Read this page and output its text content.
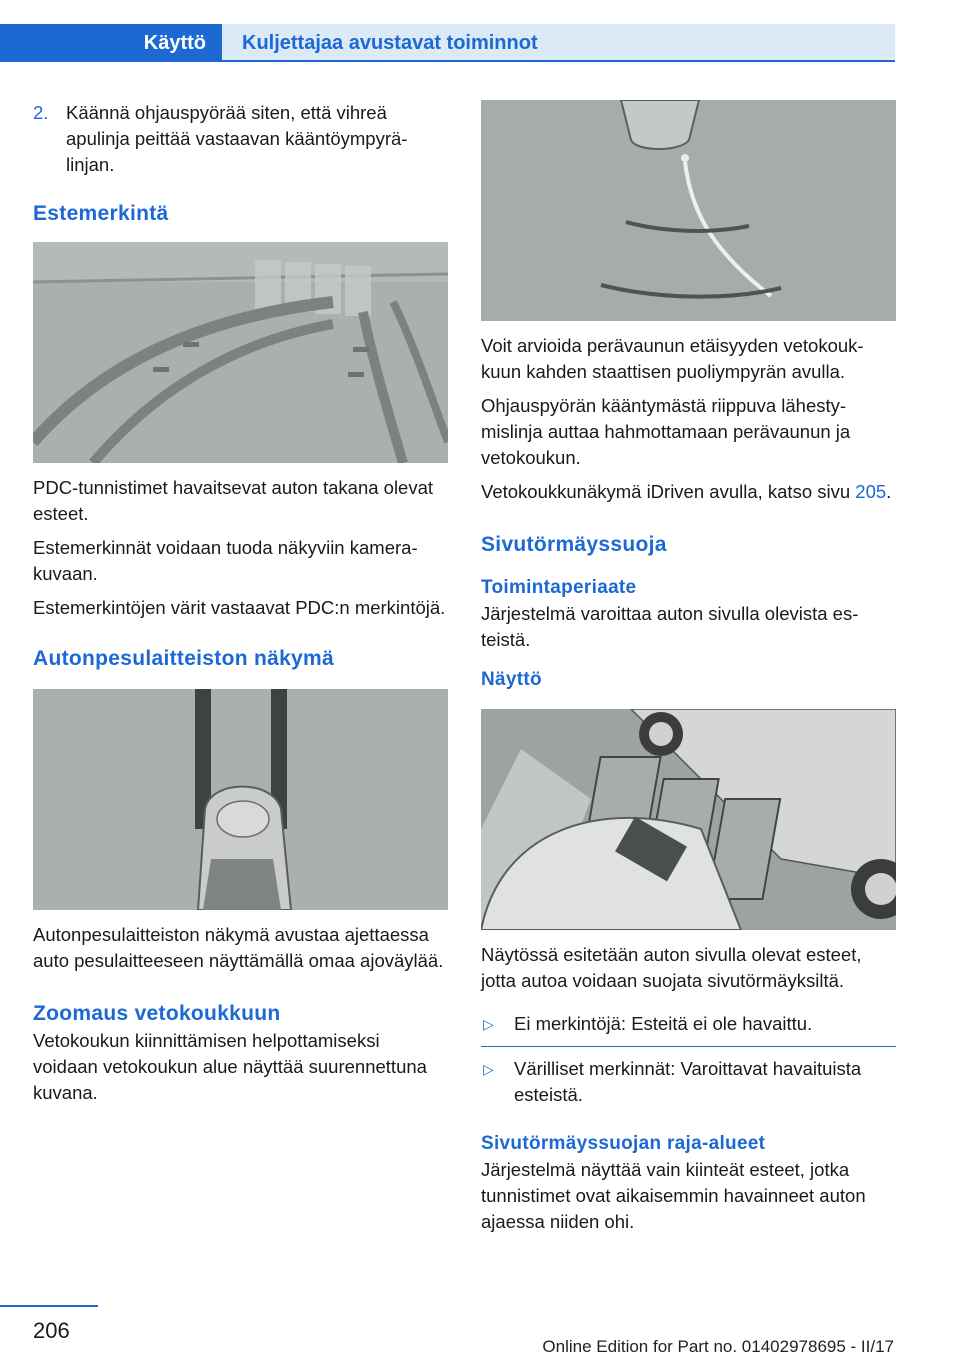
Käyttö	Kuljettajaa avustavat toiminnot

2. Käännä ohjauspyörää siten, että vihreä apulinja peittää vastaavan kääntöympyrälinjan.

Estemerkintä

PDC-tunnistimet havaitsevat auton takana olevat esteet.

Estemerkinnät voidaan tuoda näkyviin kamerakuvaan.

Estemerkintöjen värit vastaavat PDC:n merkintöjä.

Autonpesulaitteiston näkymä

Autonpesulaitteiston näkymä avustaa ajettaessa auto pesulaitteeseen näyttämällä omaa ajoväylää.

Zoomaus vetokoukkuun

Vetokoukun kiinnittämisen helpottamiseksi voidaan vetokoukun alue näyttää suurennettuna kuvana.

Voit arvioida perävaunun etäisyyden vetokoukkuun kahden staattisen puoliympyrän avulla.

Ohjauspyörän kääntymästä riippuva lähestymislinja auttaa hahmottamaan perävaunun ja vetokoukun.

Vetokoukkunäkymä iDriven avulla, katso sivu 205.

Sivutörmäyssuoja
Toimintaperiaate

Järjestelmä varoittaa auton sivulla olevista esteistä.

Näyttö

Näytössä esitetään auton sivulla olevat esteet, jotta autoa voidaan suojata sivutörmäyksiltä.

▷ Ei merkintöjä: Esteitä ei ole havaittu.
▷ Värilliset merkinnät: Varoittavat havaituista esteistä.
Sivutörmäyssuojan raja-alueet

Järjestelmä näyttää vain kiinteät esteet, jotka tunnistimet ovat aikaisemmin havainneet auton ajaessa niiden ohi.

206
Online Edition for Part no. 01402978695 - II/17
